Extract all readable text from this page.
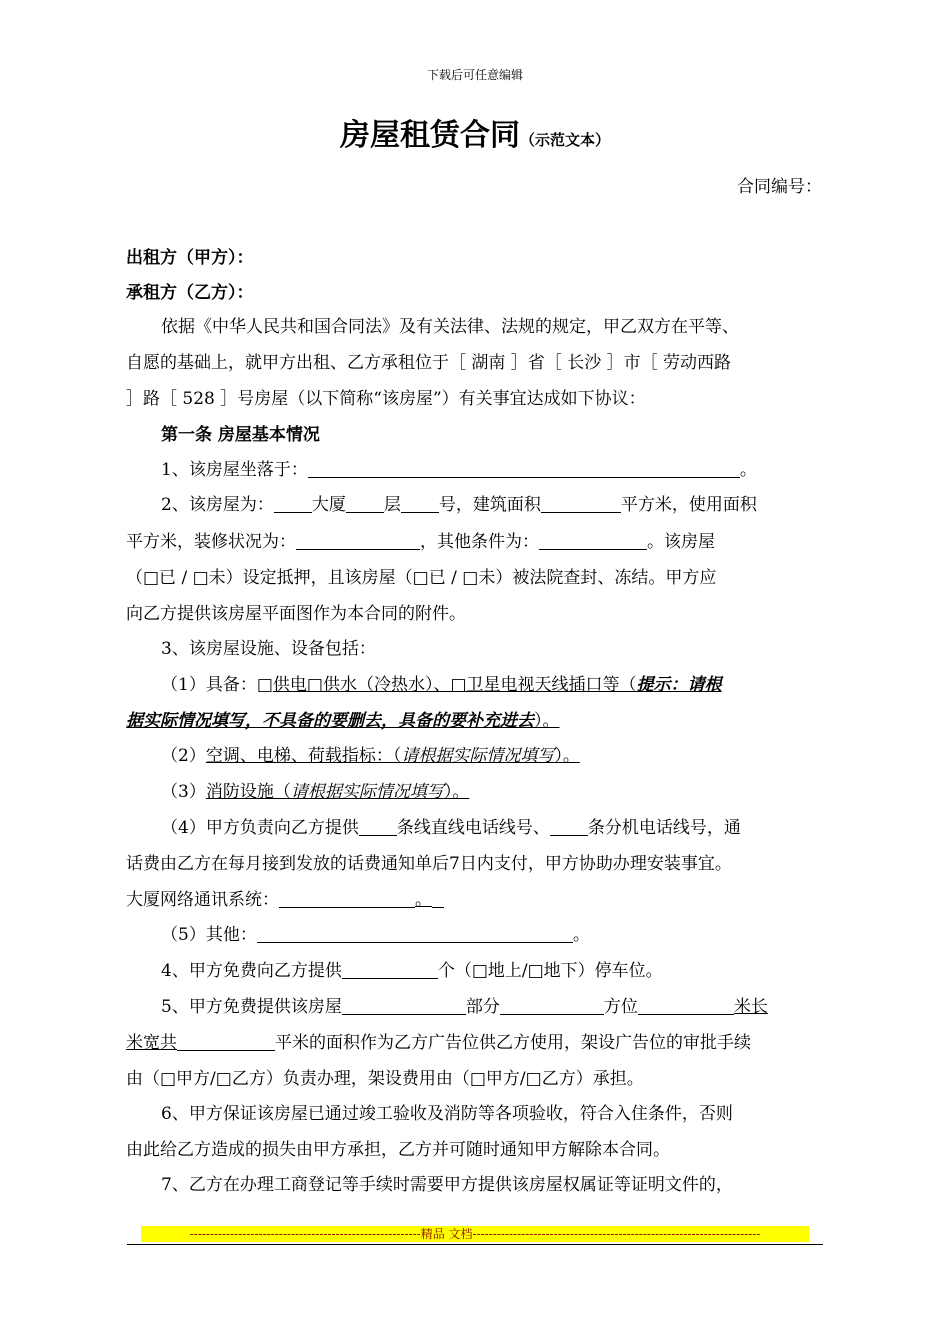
下载后可任意编辑
房屋租赁合同（示范文本）
合同编号：
出租方（甲方）：
承租方（乙方）：
依据《中华人民共和国合同法》及有关法律、法规的规定，甲乙双方在平等、
自愿的基础上，就甲方出租、乙方承租位于［ 湖南 ］省［ 长沙 ］市［ 劳动西路
］路［ 528 ］号房屋（以下简称“该房屋”）有关事宜达成如下协议：
第一条 房屋基本情况
1、该房屋坐落于：	。
2、该房屋为： 大厦 层 号，建筑面积	平方米，使用面积
平方米，装修状况为：	，其他条件为：	。该房屋
（□已 / □未）设定抵押，且该房屋（□已 / □未）被法院查封、冻结。甲方应
向乙方提供该房屋平面图作为本合同的附件。
3、该房屋设施、设备包括：
（1）具备：□供电□供水（冷热水）、□卫星电视天线插口等（提示：请根
据实际情况填写，不具备的要删去，具备的要补充进去）。
（2）空调、电梯、荷载指标：（请根据实际情况填写）。
（3）消防设施（请根据实际情况填写）。
（4）甲方负责向乙方提供 条线直线电话线号、 条分机电话线号，通
话费由乙方在每月接到发放的话费通知单后7日内支付，甲方协助办理安装事宜。
大厦网络通讯系统：	。
（5）其他：	。
4、甲方免费向乙方提供	个（□地上/□地下）停车位。
5、甲方免费提供该房屋	部分	方位	米长
米宽共	平米的面积作为乙方广告位供乙方使用，架设广告位的审批手续
由（□甲方/□乙方）负责办理，架设费用由（□甲方/□乙方）承担。
6、甲方保证该房屋已通过竣工验收及消防等各项验收，符合入住条件，否则
由此给乙方造成的损失由甲方承担，乙方并可随时通知甲方解除本合同。
7、乙方在办理工商登记等手续时需要甲方提供该房屋权属证等证明文件的，
---------------------------------------------------------精品 文档-----------------------------------------------------------------------
